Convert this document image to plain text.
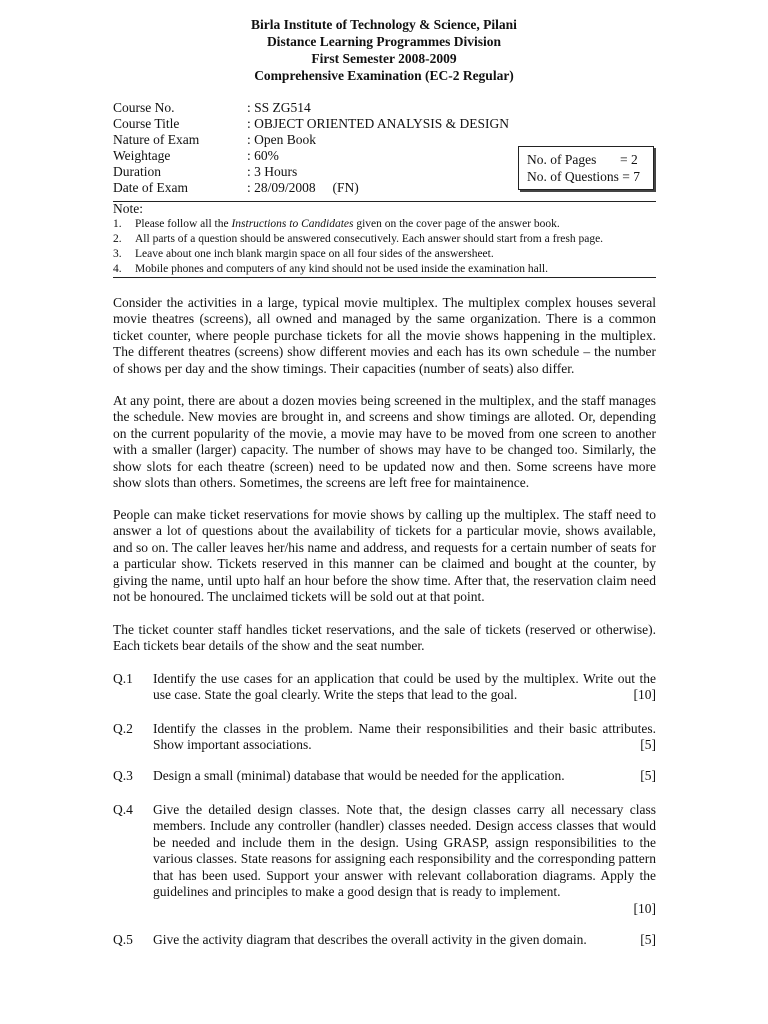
Birla Institute of Technology & Science, Pilani
Distance Learning Programmes Division
First Semester 2008-2009
Comprehensive Examination (EC-2 Regular)
Course No.	: SS ZG514
Course Title	: OBJECT ORIENTED ANALYSIS & DESIGN
Nature of Exam	: Open Book
Weightage	: 60%
Duration	: 3 Hours
Date of Exam	: 28/09/2008     (FN)
No. of Pages       = 2
No. of Questions = 7
Note:
1. Please follow all the Instructions to Candidates given on the cover page of the answer book.
2. All parts of a question should be answered consecutively. Each answer should start from a fresh page.
3. Leave about one inch blank margin space on all four sides of the answersheet.
4. Mobile phones and computers of any kind should not be used inside the examination hall.

Consider the activities in a large, typical movie multiplex. The multiplex complex houses several movie theatres (screens), all owned and managed by the same organization. There is a common ticket counter, where people purchase tickets for all the movie shows happening in the multiplex. The different theatres (screens) show different movies and each has its own schedule – the number of shows per day and the show timings. Their capacities (number of seats) also differ.

At any point, there are about a dozen movies being screened in the multiplex, and the staff manages the schedule. New movies are brought in, and screens and show timings are alloted. Or, depending on the current popularity of the movie, a movie may have to be moved from one screen to another with a smaller (larger) capacity. The number of shows may have to be changed too. Similarly, the show slots for each theatre (screen) need to be updated now and then. Some screens have more show slots than others. Sometimes, the screens are left free for maintainence.

People can make ticket reservations for movie shows by calling up the multiplex. The staff need to answer a lot of questions about the availability of tickets for a particular movie, shows available, and so on. The caller leaves her/his name and address, and requests for a certain number of seats for a particular show. Tickets reserved in this manner can be claimed and bought at the counter, by giving the name, until upto half an hour before the show time. After that, the reservation claim need not be honoured. The unclaimed tickets will be sold out at that point.

The ticket counter staff handles ticket reservations, and the sale of tickets (reserved or otherwise). Each tickets bear details of the show and the seat number.

Q.1 Identify the use cases for an application that could be used by the multiplex. Write out the use case. State the goal clearly. Write the steps that lead to the goal.	[10]
Q.2 Identify the classes in the problem. Name their responsibilities and their basic attributes. Show important associations.	[5]
Q.3 Design a small (minimal) database that would be needed for the application.	[5]
Q.4 Give the detailed design classes. Note that, the design classes carry all necessary class members. Include any controller (handler) classes needed. Design access classes that would be needed and include them in the design. Using GRASP, assign responsibilities to the various classes. State reasons for assigning each responsibility and the corresponding pattern that has been used. Support your answer with relevant collaboration diagrams. Apply the guidelines and principles to make a good design that is ready to implement.
[10]
Q.5 Give the activity diagram that describes the overall activity in the given domain.	[5]
